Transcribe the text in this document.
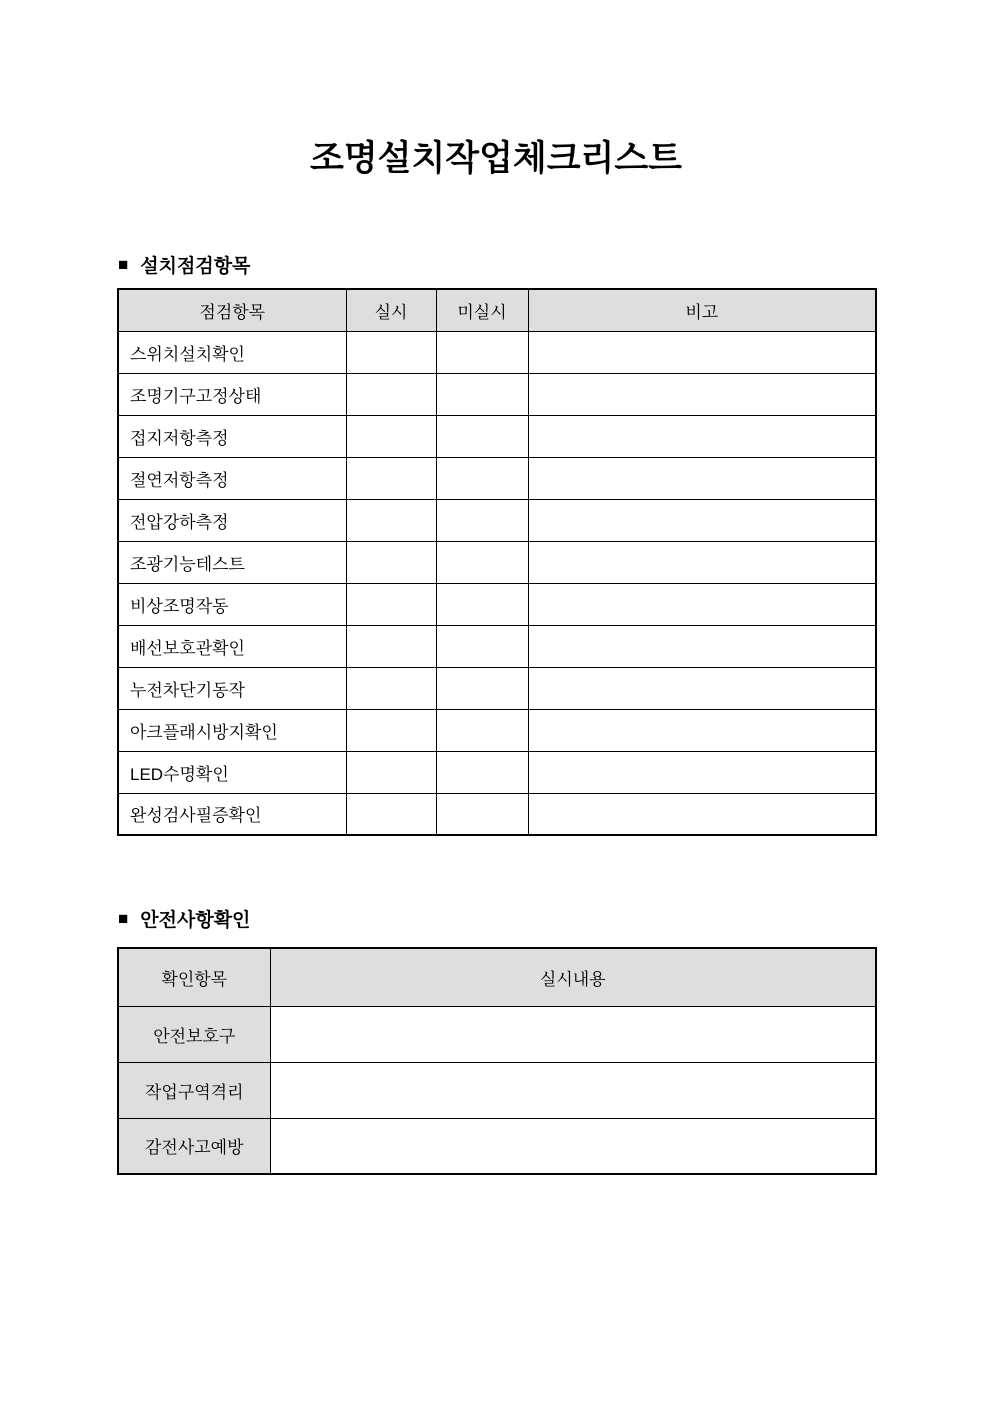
조명설치작업체크리스트
■ 설치점검항목
점검항목	실시	미실시	비고
스위치설치확인			
조명기구고정상태			
접지저항측정			
절연저항측정			
전압강하측정			
조광기능테스트			
비상조명작동			
배선보호관확인			
누전차단기동작			
아크플래시방지확인			
LED수명확인			
완성검사필증확인			
■ 안전사항확인
확인항목	실시내용
안전보호구	
작업구역격리	
감전사고예방	
